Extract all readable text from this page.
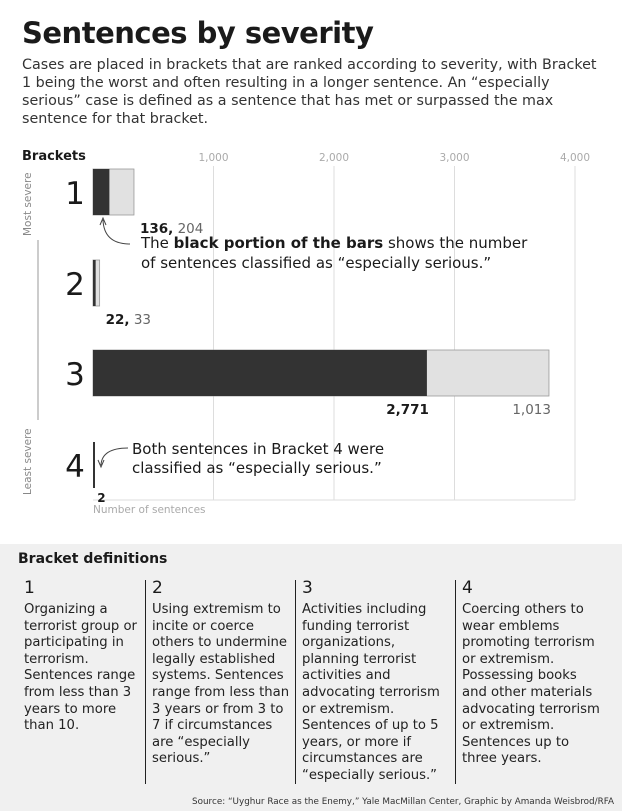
Sentences by severity

Cases are placed in brackets that are ranked according to severity, with Bracket 1 being the worst and often resulting in a longer sentence. An “especially serious” case is defined as a sentence that has met or surpassed the max sentence for that bracket.

Brackets	1,000	2,000	3,000	4,000
Number of sentences
Most severe
Least severe
1
136, 204
2
22, 33
3
2,771	1,013
4
2
The black portion of the bars shows the number
of sentences classified as “especially serious.”
Both sentences in Bracket 4 were
classified as “especially serious.”
Bracket definitions
1
Organizing a terrorist group or participating in terrorism. Sentences range from less than 3 years to more than 10.
2
Using extremism to incite or coerce others to undermine legally established systems. Sentences range from less than 3 years or from 3 to 7 if circumstances are “especially serious.”
3
Activities including funding terrorist organizations, planning terrorist activities and advocating terrorism or extremism. Sentences of up to 5 years, or more if circumstances are “especially serious.”
4
Coercing others to wear emblems promoting terrorism or extremism. Possessing books and other materials advocating terrorism or extremism. Sentences up to three years.
Source: “Uyghur Race as the Enemy,” Yale MacMillan Center, Graphic by Amanda Weisbrod/RFA
